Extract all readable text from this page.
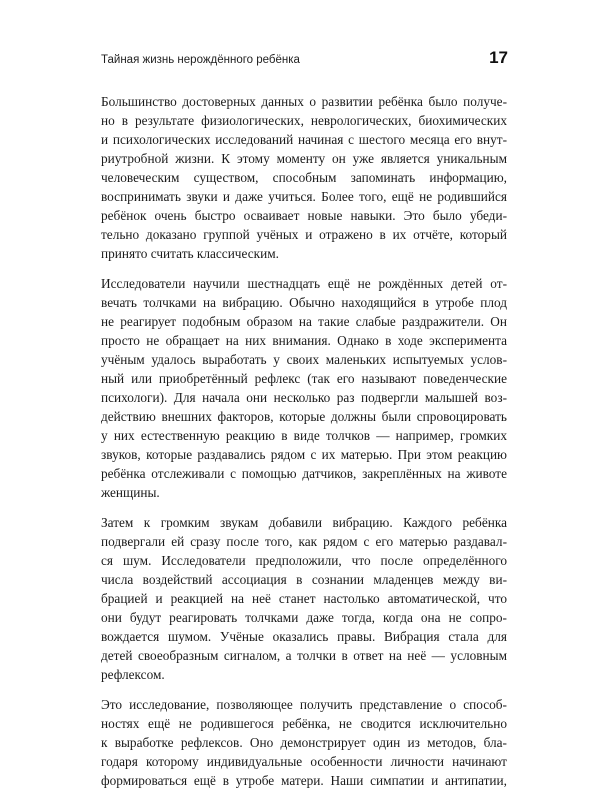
Тайная жизнь нерождённого ребёнка	17
Большинство достоверных данных о развитии ребёнка было получе-
но в результате физиологических, неврологических, биохимических
и психологических исследований начиная с шестого месяца его внут-
риутробной жизни. К этому моменту он уже является уникальным
человеческим существом, способным запоминать информацию,
воспринимать звуки и даже учиться. Более того, ещё не родившийся
ребёнок очень быстро осваивает новые навыки. Это было убеди-
тельно доказано группой учёных и отражено в их отчёте, который
принято считать классическим.
Исследователи научили шестнадцать ещё не рождённых детей от-
вечать толчками на вибрацию. Обычно находящийся в утробе плод
не реагирует подобным образом на такие слабые раздражители. Он
просто не обращает на них внимания. Однако в ходе эксперимента
учёным удалось выработать у своих маленьких испытуемых услов-
ный или приобретённый рефлекс (так его называют поведенческие
психологи). Для начала они несколько раз подвергли малышей воз-
действию внешних факторов, которые должны были спровоцировать
у них естественную реакцию в виде толчков — например, громких
звуков, которые раздавались рядом с их матерью. При этом реакцию
ребёнка отслеживали с помощью датчиков, закреплённых на животе
женщины.
Затем к громким звукам добавили вибрацию. Каждого ребёнка
подвергали ей сразу после того, как рядом с его матерью раздавал-
ся шум. Исследователи предположили, что после определённого
числа воздействий ассоциация в сознании младенцев между ви-
брацией и реакцией на неё станет настолько автоматической, что
они будут реагировать толчками даже тогда, когда она не сопро-
вождается шумом. Учёные оказались правы. Вибрация стала для
детей своеобразным сигналом, а толчки в ответ на неё — условным
рефлексом.
Это исследование, позволяющее получить представление о способ-
ностях ещё не родившегося ребёнка, не сводится исключительно
к выработке рефлексов. Оно демонстрирует один из методов, бла-
годаря которому индивидуальные особенности личности начинают
формироваться ещё в утробе матери. Наши симпатии и антипатии,
